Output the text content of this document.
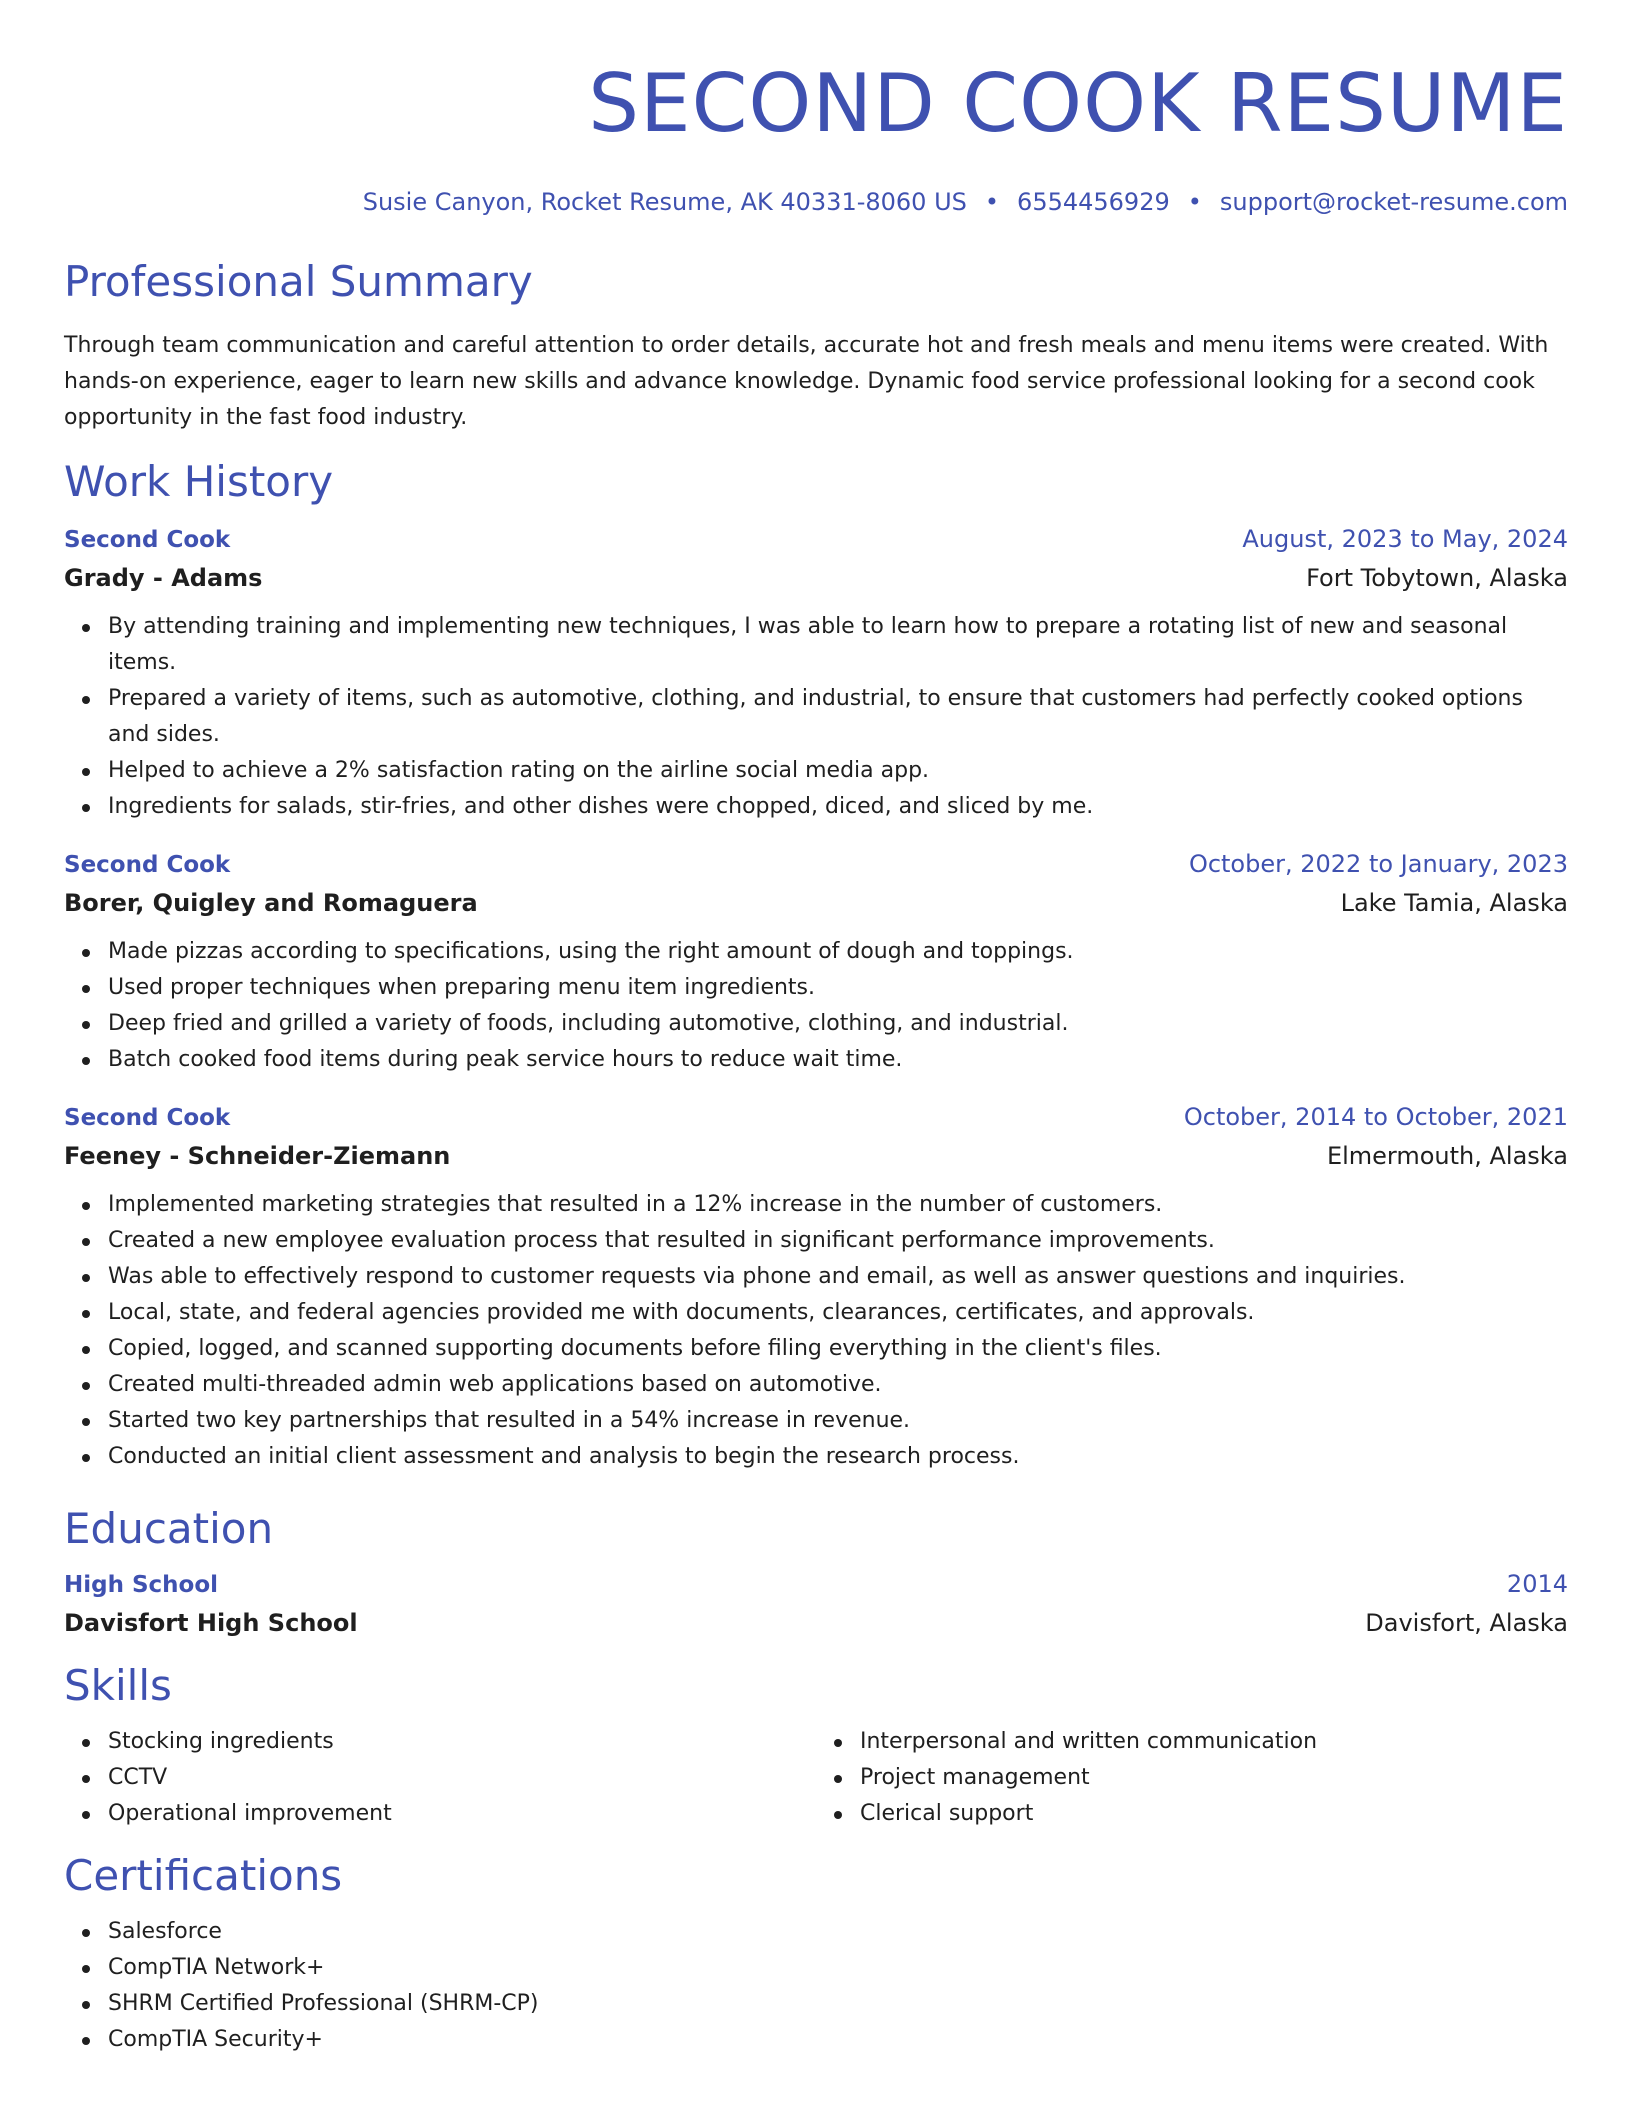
SECOND COOK RESUME
Susie Canyon, Rocket Resume, AK 40331-8060 US • 6554456929 • support@rocket-resume.com
Professional Summary
Through team communication and careful attention to order details, accurate hot and fresh meals and menu items were created. With hands-on experience, eager to learn new skills and advance knowledge. Dynamic food service professional looking for a second cook opportunity in the fast food industry.
Work History
Second Cook	August, 2023 to May, 2024
Grady - Adams	Fort Tobytown, Alaska
By attending training and implementing new techniques, I was able to learn how to prepare a rotating list of new and seasonal items.
Prepared a variety of items, such as automotive, clothing, and industrial, to ensure that customers had perfectly cooked options and sides.
Helped to achieve a 2% satisfaction rating on the airline social media app.
Ingredients for salads, stir-fries, and other dishes were chopped, diced, and sliced by me.
Second Cook	October, 2022 to January, 2023
Borer, Quigley and Romaguera	Lake Tamia, Alaska
Made pizzas according to specifications, using the right amount of dough and toppings.
Used proper techniques when preparing menu item ingredients.
Deep fried and grilled a variety of foods, including automotive, clothing, and industrial.
Batch cooked food items during peak service hours to reduce wait time.
Second Cook	October, 2014 to October, 2021
Feeney - Schneider-Ziemann	Elmermouth, Alaska
Implemented marketing strategies that resulted in a 12% increase in the number of customers.
Created a new employee evaluation process that resulted in significant performance improvements.
Was able to effectively respond to customer requests via phone and email, as well as answer questions and inquiries.
Local, state, and federal agencies provided me with documents, clearances, certificates, and approvals.
Copied, logged, and scanned supporting documents before filing everything in the client's files.
Created multi-threaded admin web applications based on automotive.
Started two key partnerships that resulted in a 54% increase in revenue.
Conducted an initial client assessment and analysis to begin the research process.
Education
High School	2014
Davisfort High School	Davisfort, Alaska
Skills
Stocking ingredients
CCTV
Operational improvement
Interpersonal and written communication
Project management
Clerical support
Certifications
Salesforce
CompTIA Network+
SHRM Certified Professional (SHRM-CP)
CompTIA Security+
